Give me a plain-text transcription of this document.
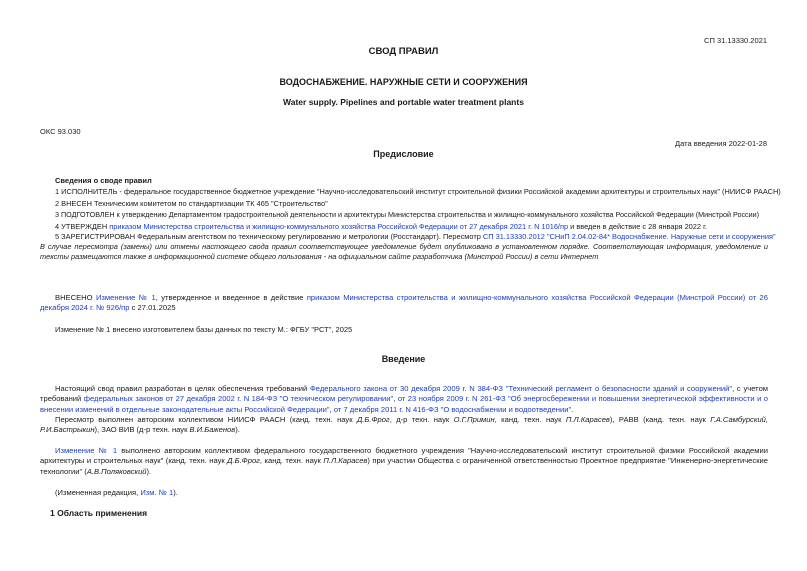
СП 31.13330.2021
СВОД ПРАВИЛ
ВОДОСНАБЖЕНИЕ. НАРУЖНЫЕ СЕТИ И СООРУЖЕНИЯ
Water supply. Pipelines and portable water treatment plants
ОКС 93.030
Дата введения 2022-01-28
Предисловие
Сведения о своде правил
1 ИСПОЛНИТЕЛЬ - федеральное государственное бюджетное учреждение "Научно-исследовательский институт строительной физики Российской академии архитектуры и строительных наук" (НИИСФ РААСН)
2 ВНЕСЕН Техническим комитетом по стандартизации ТК 465 "Строительство"
3 ПОДГОТОВЛЕН к утверждению Департаментом градостроительной деятельности и архитектуры Министерства строительства и жилищно-коммунального хозяйства Российской Федерации (Минстрой России)
4 УТВЕРЖДЕН приказом Министерства строительства и жилищно-коммунального хозяйства Российской Федерации от 27 декабря 2021 г. N 1016/пр и введен в действие с 28 января 2022 г.
5 ЗАРЕГИСТРИРОВАН Федеральным агентством по техническому регулированию и метрологии (Росстандарт). Пересмотр СП 31.13330.2012 "СНиП 2.04.02-84* Водоснабжение. Наружные сети и сооружения"
В случае пересмотра (замены) или отмены настоящего свода правил соответствующее уведомление будет опубликовано в установленном порядке. Соответствующая информация, уведомление и тексты размещаются также в информационной системе общего пользования - на официальном сайте разработчика (Минстрой России) в сети Интернет
ВНЕСЕНО Изменение № 1, утвержденное и введенное в действие приказом Министерства строительства и жилищно-коммунального хозяйства Российской Федерации (Минстрой России) от 26 декабря 2024 г. № 926/пр с 27.01.2025
Изменение № 1 внесено изготовителем базы данных по тексту М.: ФГБУ "РСТ", 2025
Введение
Настоящий свод правил разработан в целях обеспечения требований Федерального закона от 30 декабря 2009 г. N 384-ФЗ "Технический регламент о безопасности зданий и сооружений", с учетом требований федеральных законов от 27 декабря 2002 г. N 184-ФЗ "О техническом регулировании", от 23 ноября 2009 г. N 261-ФЗ "Об энергосбережении и повышении энергетической эффективности и о внесении изменений в отдельные законодательные акты Российской Федерации", от 7 декабря 2011 г. N 416-ФЗ "О водоснабжении и водоотведении".
Пересмотр выполнен авторским коллективом НИИСФ РААСН (канд. техн. наук Д.Б.Фрог, д-р техн. наук О.Г.Примин, канд. техн. наук П.Л.Карасев), РАВВ (канд. техн. наук Г.А.Самбурский, Р.И.Бастрыкин), ЗАО ВИВ (д-р техн. наук В.И.Баженов).
Изменение № 1 выполнено авторским коллективом федерального государственного бюджетного учреждения "Научно-исследовательский институт строительной физики Российской академии архитектуры и строительных наук" (канд. техн. наук Д.Б.Фрог, канд. техн. наук П.Л.Карасев) при участии Общества с ограниченной ответственностью Проектное предприятие "Инженерно-энергетические технологии" (А.В.Поляковский).
(Измененная редакция, Изм. № 1).
1 Область применения
